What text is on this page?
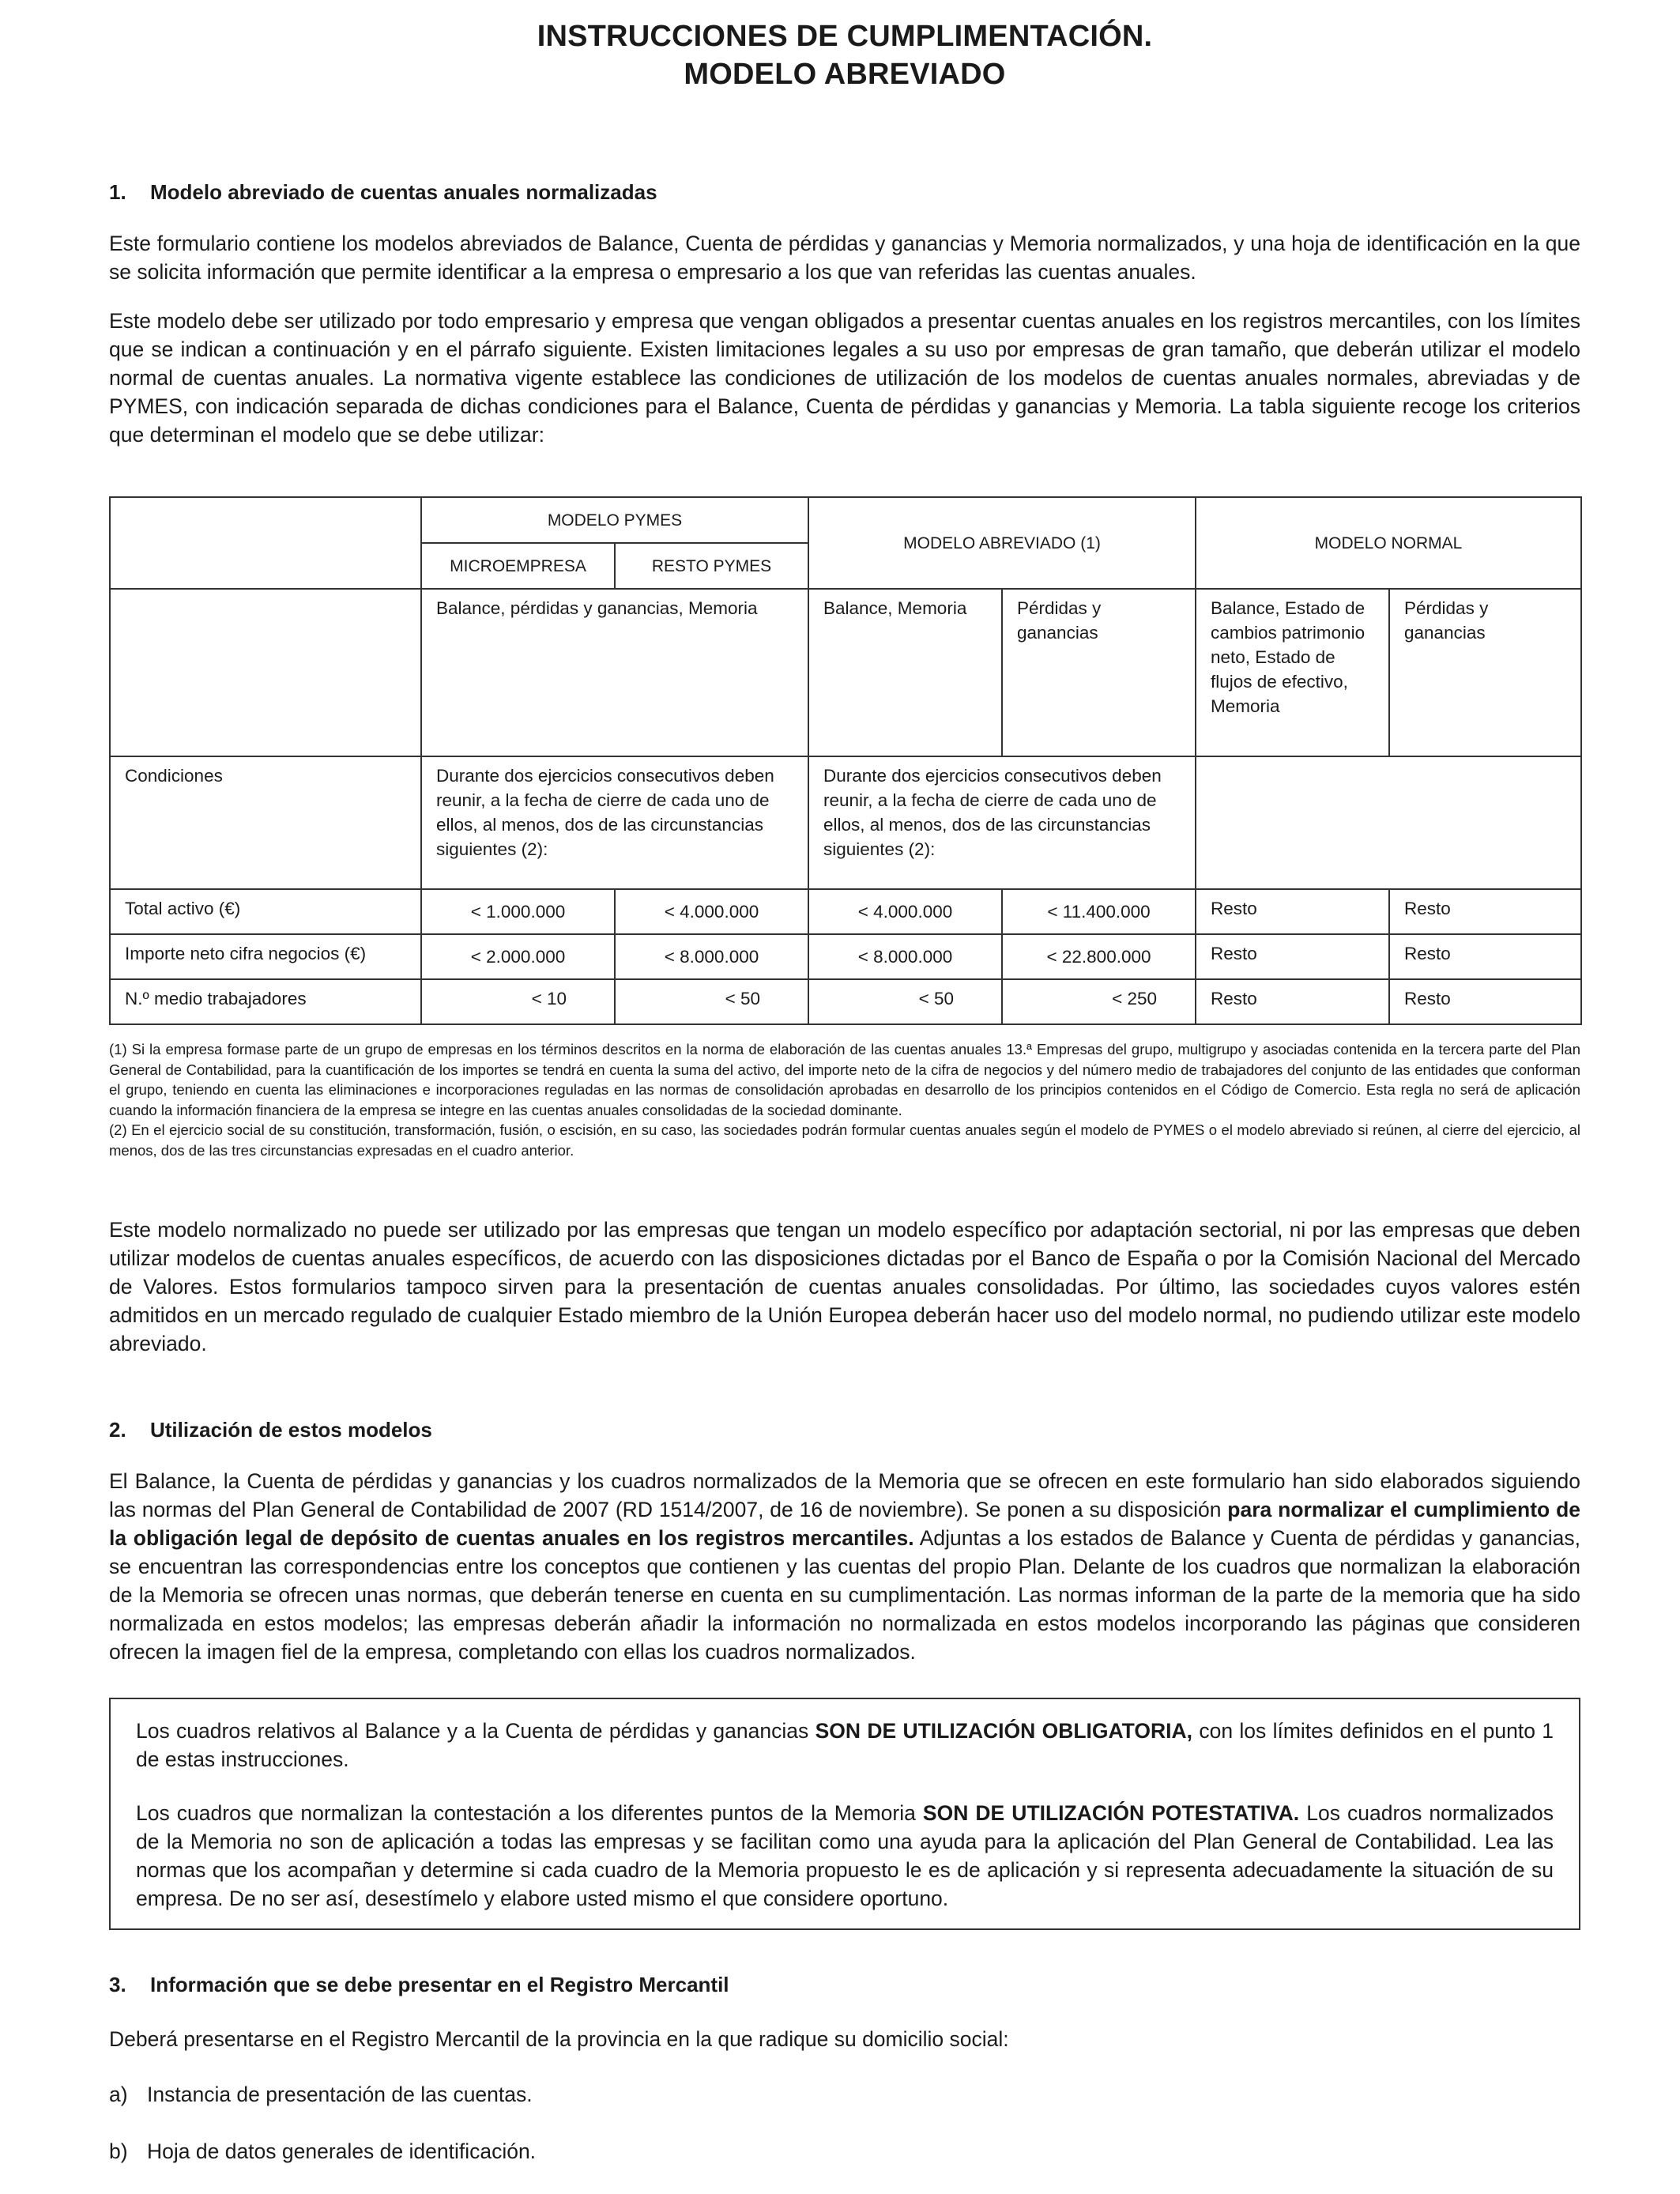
INSTRUCCIONES DE CUMPLIMENTACIÓN.
MODELO ABREVIADO
1. Modelo abreviado de cuentas anuales normalizadas

Este formulario contiene los modelos abreviados de Balance, Cuenta de pérdidas y ganancias y Memoria normalizados, y una hoja de identificación en la que se solicita información que permite identificar a la empresa o empresario a los que van referidas las cuentas anuales.

Este modelo debe ser utilizado por todo empresario y empresa que vengan obligados a presentar cuentas anuales en los registros mercantiles, con los límites que se indican a continuación y en el párrafo siguiente. Existen limitaciones legales a su uso por empresas de gran tamaño, que deberán utilizar el modelo normal de cuentas anuales. La normativa vigente establece las condiciones de utilización de los modelos de cuentas anuales normales, abreviadas y de PYMES, con indicación separada de dichas condiciones para el Balance, Cuenta de pérdidas y ganancias y Memoria. La tabla siguiente recoge los criterios que determinan el modelo que se debe utilizar:

	MODELO PYMES		MODELO ABREVIADO (1)		MODELO NORMAL	
	MICROEMPRESA	RESTO PYMES				
	Balance, pérdidas y ganancias, Memoria		Balance, Memoria	Pérdidas y ganancias	Balance, Estado de cambios patrimonio neto, Estado de flujos de efectivo, Memoria	Pérdidas y ganancias
Condiciones	Durante dos ejercicios consecutivos deben reunir, a la fecha de cierre de cada uno de ellos, al menos, dos de las circunstancias siguientes (2):		Durante dos ejercicios consecutivos deben reunir, a la fecha de cierre de cada uno de ellos, al menos, dos de las circunstancias siguientes (2):			
Total activo (€)	< 1.000.000	< 4.000.000	< 4.000.000	< 11.400.000	Resto	Resto
Importe neto cifra negocios (€)	< 2.000.000	< 8.000.000	< 8.000.000	< 22.800.000	Resto	Resto
N.º medio trabajadores	< 10	< 50	< 50	< 250	Resto	Resto
(1) Si la empresa formase parte de un grupo de empresas en los términos descritos en la norma de elaboración de las cuentas anuales 13.ª Empresas del grupo, multigrupo y asociadas contenida en la tercera parte del Plan General de Contabilidad, para la cuantificación de los importes se tendrá en cuenta la suma del activo, del importe neto de la cifra de negocios y del número medio de trabajadores del conjunto de las entidades que conforman el grupo, teniendo en cuenta las eliminaciones e incorporaciones reguladas en las normas de consolidación aprobadas en desarrollo de los principios contenidos en el Código de Comercio. Esta regla no será de aplicación cuando la información financiera de la empresa se integre en las cuentas anuales consolidadas de la sociedad dominante.
(2) En el ejercicio social de su constitución, transformación, fusión, o escisión, en su caso, las sociedades podrán formular cuentas anuales según el modelo de PYMES o el modelo abreviado si reúnen, al cierre del ejercicio, al menos, dos de las tres circunstancias expresadas en el cuadro anterior.

Este modelo normalizado no puede ser utilizado por las empresas que tengan un modelo específico por adaptación sectorial, ni por las empresas que deben utilizar modelos de cuentas anuales específicos, de acuerdo con las disposiciones dictadas por el Banco de España o por la Comisión Nacional del Mercado de Valores. Estos formularios tampoco sirven para la presentación de cuentas anuales consolidadas. Por último, las sociedades cuyos valores estén admitidos en un mercado regulado de cualquier Estado miembro de la Unión Europea deberán hacer uso del modelo normal, no pudiendo utilizar este modelo abreviado.

2. Utilización de estos modelos

El Balance, la Cuenta de pérdidas y ganancias y los cuadros normalizados de la Memoria que se ofrecen en este formulario han sido elaborados siguiendo las normas del Plan General de Contabilidad de 2007 (RD 1514/2007, de 16 de noviembre). Se ponen a su disposición para normalizar el cumplimiento de la obligación legal de depósito de cuentas anuales en los registros mercantiles. Adjuntas a los estados de Balance y Cuenta de pérdidas y ganancias, se encuentran las correspondencias entre los conceptos que contienen y las cuentas del propio Plan. Delante de los cuadros que normalizan la elaboración de la Memoria se ofrecen unas normas, que deberán tenerse en cuenta en su cumplimentación. Las normas informan de la parte de la memoria que ha sido normalizada en estos modelos; las empresas deberán añadir la información no normalizada en estos modelos incorporando las páginas que consideren ofrecen la imagen fiel de la empresa, completando con ellas los cuadros normalizados.

Los cuadros relativos al Balance y a la Cuenta de pérdidas y ganancias SON DE UTILIZACIÓN OBLIGATORIA, con los límites definidos en el punto 1 de estas instrucciones.

Los cuadros que normalizan la contestación a los diferentes puntos de la Memoria SON DE UTILIZACIÓN POTESTATIVA. Los cuadros normalizados de la Memoria no son de aplicación a todas las empresas y se facilitan como una ayuda para la aplicación del Plan General de Contabilidad. Lea las normas que los acompañan y determine si cada cuadro de la Memoria propuesto le es de aplicación y si representa adecuadamente la situación de su empresa. De no ser así, desestímelo y elabore usted mismo el que considere oportuno.

3. Información que se debe presentar en el Registro Mercantil

Deberá presentarse en el Registro Mercantil de la provincia en la que radique su domicilio social:

a) Instancia de presentación de las cuentas.
b) Hoja de datos generales de identificación.
